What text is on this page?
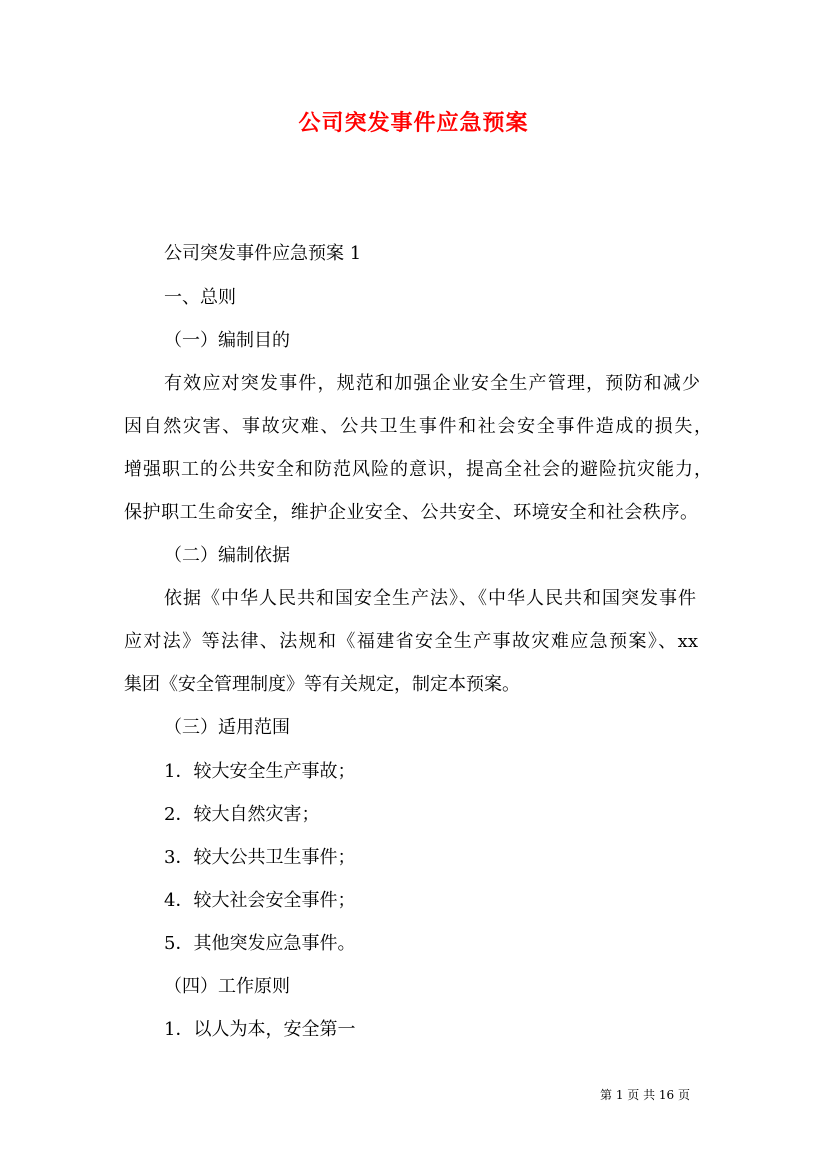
公司突发事件应急预案
公司突发事件应急预案 1
一、总则
（一）编制目的
有效应对突发事件，规范和加强企业安全生产管理，预防和减少
因自然灾害、事故灾难、公共卫生事件和社会安全事件造成的损失，
增强职工的公共安全和防范风险的意识，提高全社会的避险抗灾能力，
保护职工生命安全，维护企业安全、公共安全、环境安全和社会秩序。
（二）编制依据
依据《中华人民共和国安全生产法》、《中华人民共和国突发事件
应对法》等法律、法规和《福建省安全生产事故灾难应急预案》、xx
集团《安全管理制度》等有关规定，制定本预案。
（三）适用范围
1．较大安全生产事故；
2．较大自然灾害；
3．较大公共卫生事件；
4．较大社会安全事件；
5．其他突发应急事件。
（四）工作原则
1．以人为本，安全第一
第 1 页 共 16 页
